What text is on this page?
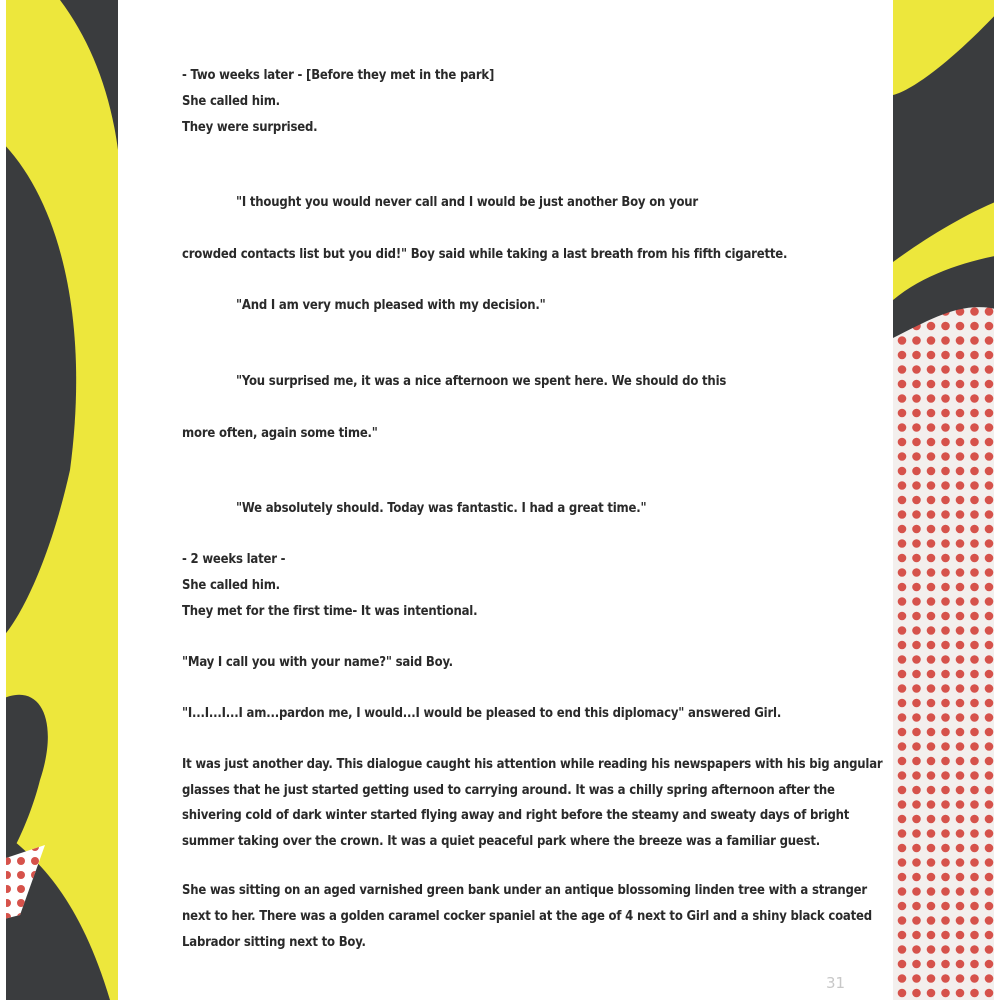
- Two weeks later - [Before they met in the park]
She called him.
They were surprised.
"I thought you would never call and I would be just another Boy on your
crowded contacts list but you did!" Boy said while taking a last breath from his fifth cigarette.
"And I am very much pleased with my decision."
"You surprised me, it was a nice afternoon we spent here. We should do this
more often, again some time."
"We absolutely should. Today was fantastic. I had a great time."
- 2 weeks later -
She called him.
They met for the first time- It was intentional.
"May I call you with your name?" said Boy.
"I...I...I...I am...pardon me, I would...I would be pleased to end this diplomacy" answered Girl.
It was just another day. This dialogue caught his attention while reading his newspapers with his big angular
glasses that he just started getting used to carrying around. It was a chilly spring afternoon after the
shivering cold of dark winter started flying away and right before the steamy and sweaty days of bright
summer taking over the crown. It was a quiet peaceful park where the breeze was a familiar guest.
She was sitting on an aged varnished green bank under an antique blossoming linden tree with a stranger
next to her. There was a golden caramel cocker spaniel at the age of 4 next to Girl and a shiny black coated
Labrador sitting next to Boy.
31
